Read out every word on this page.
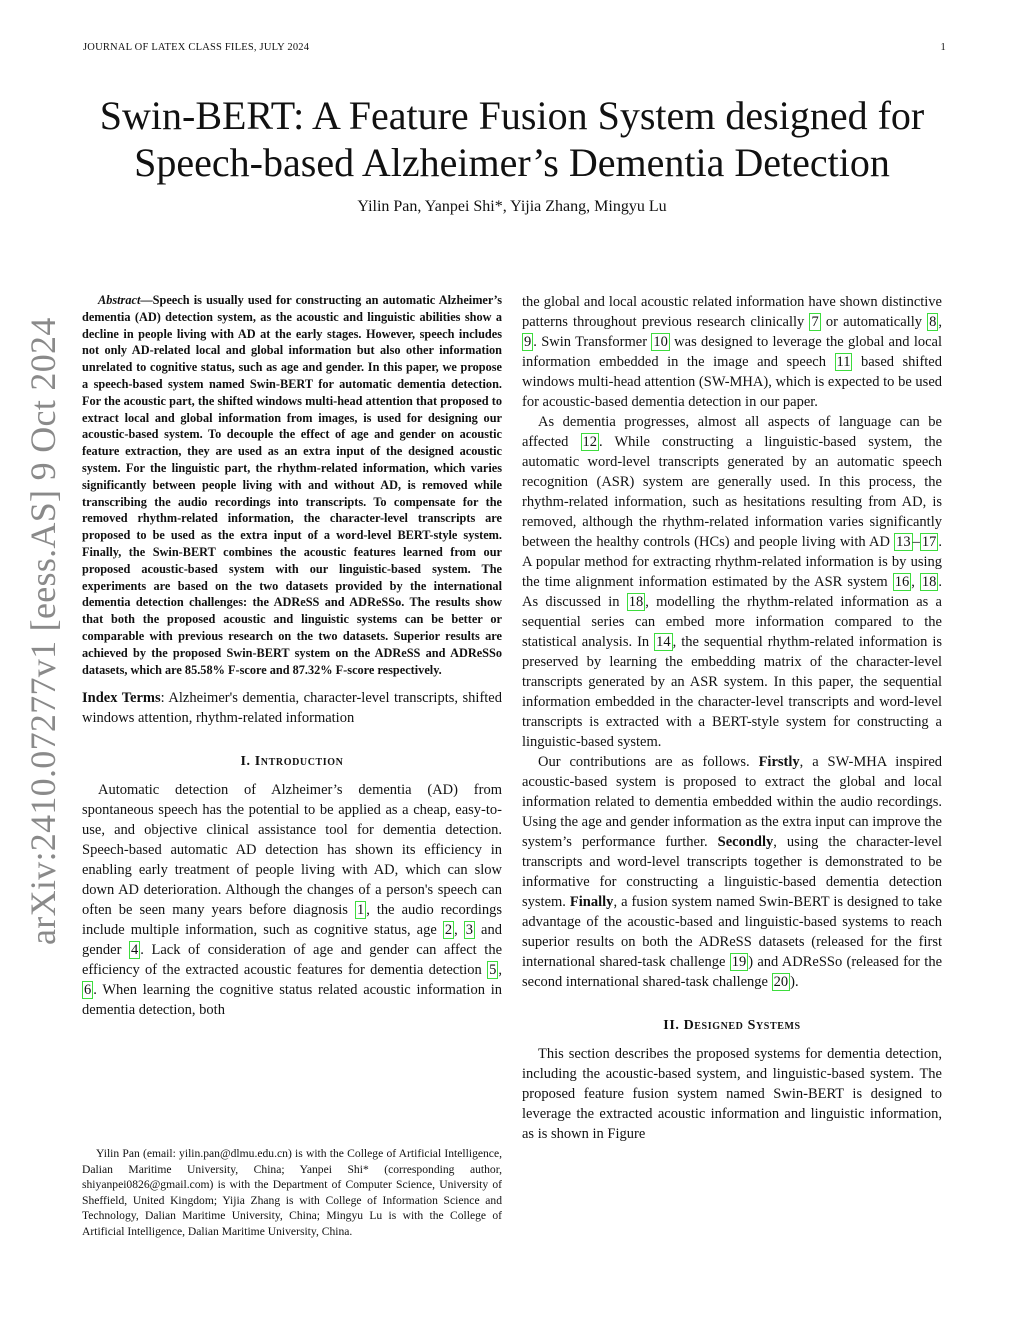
JOURNAL OF LATEX CLASS FILES, JULY 2024	1
arXiv:2410.07277v1 [eess.AS] 9 Oct 2024
Swin-BERT: A Feature Fusion System designed for Speech-based Alzheimer’s Dementia Detection
Yilin Pan, Yanpei Shi*, Yijia Zhang, Mingyu Lu

Abstract—Speech is usually used for constructing an automatic Alzheimer’s dementia (AD) detection system, as the acoustic and linguistic abilities show a decline in people living with AD at the early stages. However, speech includes not only AD-related local and global information but also other information unrelated to cognitive status, such as age and gender. In this paper, we propose a speech-based system named Swin-BERT for automatic dementia detection. For the acoustic part, the shifted windows multi-head attention that proposed to extract local and global information from images, is used for designing our acoustic-based system. To decouple the effect of age and gender on acoustic feature extraction, they are used as an extra input of the designed acoustic system. For the linguistic part, the rhythm-related information, which varies significantly between people living with and without AD, is removed while transcribing the audio recordings into transcripts. To compensate for the removed rhythm-related information, the character-level transcripts are proposed to be used as the extra input of a word-level BERT-style system. Finally, the Swin-BERT combines the acoustic features learned from our proposed acoustic-based system with our linguistic-based system. The experiments are based on the two datasets provided by the international dementia detection challenges: the ADReSS and ADReSSo. The results show that both the proposed acoustic and linguistic systems can be better or comparable with previous research on the two datasets. Superior results are achieved by the proposed Swin-BERT system on the ADReSS and ADReSSo datasets, which are 85.58% F-score and 87.32% F-score respectively.

Index Terms: Alzheimer's dementia, character-level transcripts, shifted windows attention, rhythm-related information

I. Introduction

Automatic detection of Alzheimer’s dementia (AD) from spontaneous speech has the potential to be applied as a cheap, easy-to-use, and objective clinical assistance tool for dementia detection. Speech-based automatic AD detection has shown its efficiency in enabling early treatment of people living with AD, which can slow down AD deterioration. Although the changes of a person's speech can often be seen many years before diagnosis 1 , the audio recordings include multiple information, such as cognitive status, age 2 , 3 and gender 4 . Lack of consideration of age and gender can affect the efficiency of the extracted acoustic features for dementia detection 5 , 6 . When learning the cognitive status related acoustic information in dementia detection, both

Yilin Pan (email: yilin.pan@dlmu.edu.cn) is with the College of Artificial Intelligence, Dalian Maritime University, China; Yanpei Shi* (corresponding author, shiyanpei0826@gmail.com) is with the Department of Computer Science, University of Sheffield, United Kingdom; Yijia Zhang is with College of Information Science and Technology, Dalian Maritime University, China; Mingyu Lu is with the College of Artificial Intelligence, Dalian Maritime University, China.

the global and local acoustic related information have shown distinctive patterns throughout previous research clinically 7 or automatically 8 , 9 . Swin Transformer 10 was designed to leverage the global and local information embedded in the image and speech 11 based shifted windows multi-head attention (SW-MHA), which is expected to be used for acoustic-based dementia detection in our paper.

As dementia progresses, almost all aspects of language can be affected 12 . While constructing a linguistic-based system, the automatic word-level transcripts generated by an automatic speech recognition (ASR) system are generally used. In this process, the rhythm-related information, such as hesitations resulting from AD, is removed, although the rhythm-related information varies significantly between the healthy controls (HCs) and people living with AD 13 – 17 . A popular method for extracting rhythm-related information is by using the time alignment information estimated by the ASR system 16 , 18 . As discussed in 18 , modelling the rhythm-related information as a sequential series can embed more information compared to the statistical analysis. In 14 , the sequential rhythm-related information is preserved by learning the embedding matrix of the character-level transcripts generated by an ASR system. In this paper, the sequential information embedded in the character-level transcripts and word-level transcripts is extracted with a BERT-style system for constructing a linguistic-based system.

Our contributions are as follows. Firstly, a SW-MHA inspired acoustic-based system is proposed to extract the global and local information related to dementia embedded within the audio recordings. Using the age and gender information as the extra input can improve the system’s performance further. Secondly, using the character-level transcripts and word-level transcripts together is demonstrated to be informative for constructing a linguistic-based dementia detection system. Finally, a fusion system named Swin-BERT is designed to take advantage of the acoustic-based and linguistic-based systems to reach superior results on both the ADReSS datasets (released for the first international shared-task challenge 19 ) and ADReSSo (released for the second international shared-task challenge 20 ).

II. Designed Systems

This section describes the proposed systems for dementia detection, including the acoustic-based system, and linguistic-based system. The proposed feature fusion system named Swin-BERT is designed to leverage the extracted acoustic information and linguistic information, as is shown in Figure
